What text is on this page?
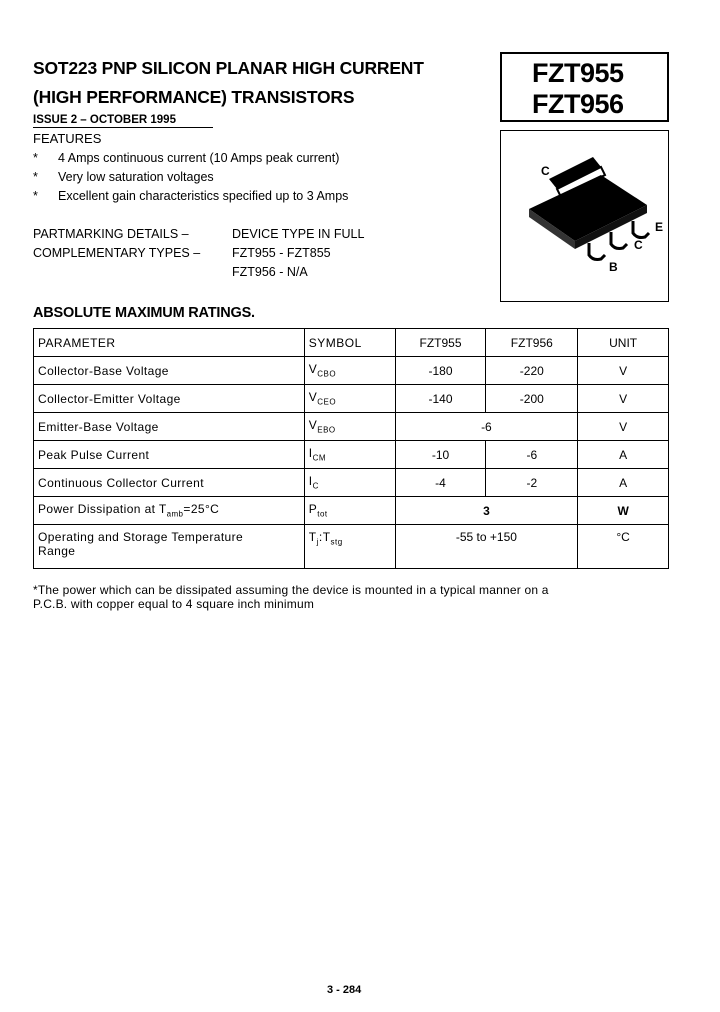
SOT223 PNP SILICON PLANAR HIGH CURRENT
(HIGH PERFORMANCE) TRANSISTORS
ISSUE 2 – OCTOBER 1995
FZT955
FZT956
FEATURES
* 4 Amps continuous current (10 Amps peak current)
* Very low saturation voltages
* Excellent gain characteristics specified up to 3 Amps
PARTMARKING DETAILS –	DEVICE TYPE IN FULL
COMPLEMENTARY TYPES –	FZT955 - FZT855
FZT956 - N/A
C
E
C
B
ABSOLUTE MAXIMUM RATINGS.
PARAMETER	SYMBOL	FZT955	FZT956	UNIT
Collector-Base Voltage	$V_{CBO}$	-180	-220	V
Collector-Emitter Voltage	$V_{CEO}$	-140	-200	V
Emitter-Base Voltage	$V_{EBO}$	-6		V
Peak Pulse Current	$I_{CM}$	-10	-6	A
Continuous Collector Current	$I_C$	-4	-2	A
Power Dissipation at $T_{amb}=25^\circ C$	$P_{tot}$	3		W
Operating and Storage Temperature
Range	$T_j:T_{stg}$	-55 to +150		°C
*The power which can be dissipated assuming the device is mounted in a typical manner on a
P.C.B. with copper equal to 4 square inch minimum
3 - 284
